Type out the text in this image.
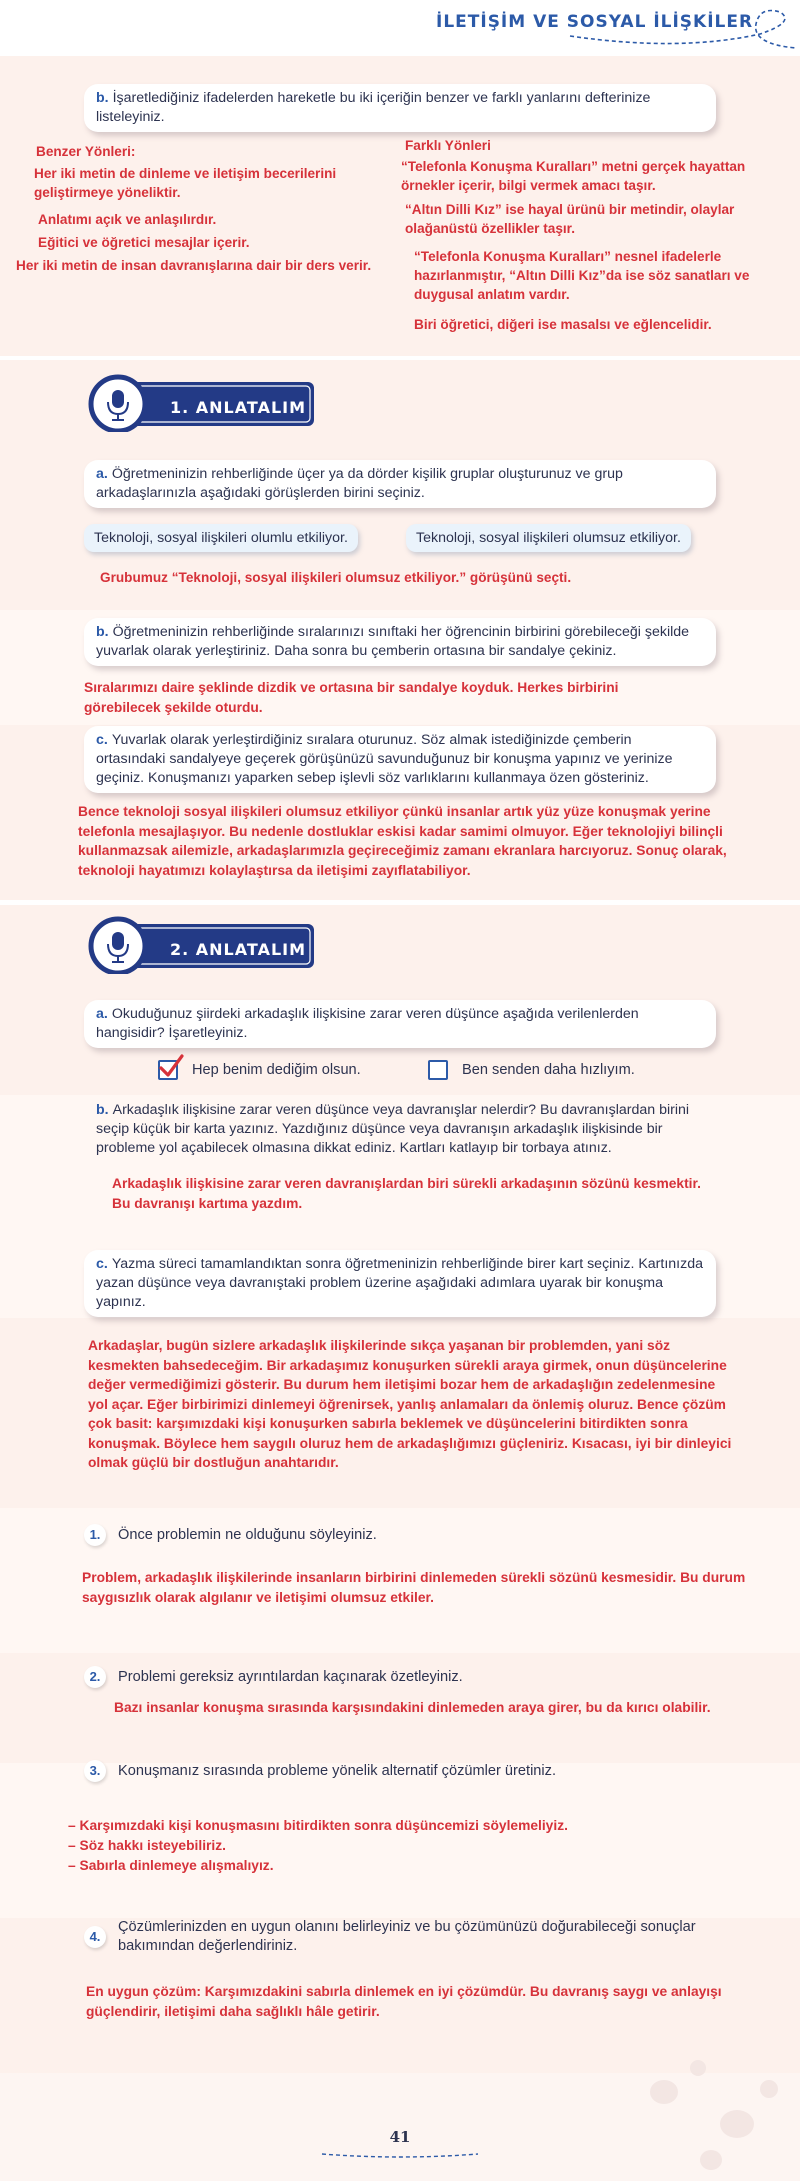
İLETİŞİM VE SOSYAL İLİŞKİLER
b. İşaretlediğiniz ifadelerden hareketle bu iki içeriğin benzer ve farklı yanlarını defterinize listeleyiniz.
Benzer Yönleri:
Her iki metin de dinleme ve iletişim becerilerini geliştirmeye yöneliktir.
Anlatımı açık ve anlaşılırdır.
Eğitici ve öğretici mesajlar içerir.
Her iki metin de insan davranışlarına dair bir ders verir.
Farklı Yönleri
“Telefonla Konuşma Kuralları” metni gerçek hayattan örnekler içerir, bilgi vermek amacı taşır.
“Altın Dilli Kız” ise hayal ürünü bir metindir, olaylar olağanüstü özellikler taşır.
“Telefonla Konuşma Kuralları” nesnel ifadelerle hazırlanmıştır, “Altın Dilli Kız”da ise söz sanatları ve duygusal anlatım vardır.
Biri öğretici, diğeri ise masalsı ve eğlencelidir.
1. ANLATALIM
a. Öğretmeninizin rehberliğinde üçer ya da dörder kişilik gruplar oluşturunuz ve grup arkadaşlarınızla aşağıdaki görüşlerden birini seçiniz.
Teknoloji, sosyal ilişkileri olumlu etkiliyor.	Teknoloji, sosyal ilişkileri olumsuz etkiliyor.
Grubumuz “Teknoloji, sosyal ilişkileri olumsuz etkiliyor.” görüşünü seçti.
b. Öğretmeninizin rehberliğinde sıralarınızı sınıftaki her öğrencinin birbirini görebileceği şekilde yuvarlak olarak yerleştiriniz. Daha sonra bu çemberin ortasına bir sandalye çekiniz.
Sıralarımızı daire şeklinde dizdik ve ortasına bir sandalye koyduk. Herkes birbirini görebilecek şekilde oturdu.
c. Yuvarlak olarak yerleştirdiğiniz sıralara oturunuz. Söz almak istediğinizde çemberin ortasındaki sandalyeye geçerek görüşünüzü savunduğunuz bir konuşma yapınız ve yerinize geçiniz. Konuşmanızı yaparken sebep işlevli söz varlıklarını kullanmaya özen gösteriniz.
Bence teknoloji sosyal ilişkileri olumsuz etkiliyor çünkü insanlar artık yüz yüze konuşmak yerine telefonla mesajlaşıyor. Bu nedenle dostluklar eskisi kadar samimi olmuyor. Eğer teknolojiyi bilinçli kullanmazsak ailemizle, arkadaşlarımızla geçireceğimiz zamanı ekranlara harcıyoruz. Sonuç olarak, teknoloji hayatımızı kolaylaştırsa da iletişimi zayıflatabiliyor.
2. ANLATALIM
a. Okuduğunuz şiirdeki arkadaşlık ilişkisine zarar veren düşünce aşağıda verilenlerden hangisidir? İşaretleyiniz.
Hep benim dediğim olsun.	Ben senden daha hızlıyım.
b. Arkadaşlık ilişkisine zarar veren düşünce veya davranışlar nelerdir? Bu davranışlardan birini seçip küçük bir karta yazınız. Yazdığınız düşünce veya davranışın arkadaşlık ilişkisinde bir probleme yol açabilecek olmasına dikkat ediniz. Kartları katlayıp bir torbaya atınız.
Arkadaşlık ilişkisine zarar veren davranışlardan biri sürekli arkadaşının sözünü kesmektir. Bu davranışı kartıma yazdım.
c. Yazma süreci tamamlandıktan sonra öğretmeninizin rehberliğinde birer kart seçiniz. Kartınızda yazan düşünce veya davranıştaki problem üzerine aşağıdaki adımlara uyarak bir konuşma yapınız.
Arkadaşlar, bugün sizlere arkadaşlık ilişkilerinde sıkça yaşanan bir problemden, yani söz kesmekten bahsedeceğim. Bir arkadaşımız konuşurken sürekli araya girmek, onun düşüncelerine değer vermediğimizi gösterir. Bu durum hem iletişimi bozar hem de arkadaşlığın zedelenmesine yol açar. Eğer birbirimizi dinlemeyi öğrenirsek, yanlış anlamaları da önlemiş oluruz. Bence çözüm çok basit: karşımızdaki kişi konuşurken sabırla beklemek ve düşüncelerini bitirdikten sonra konuşmak. Böylece hem saygılı oluruz hem de arkadaşlığımızı güçleniriz. Kısacası, iyi bir dinleyici olmak güçlü bir dostluğun anahtarıdır.
1.	Önce problemin ne olduğunu söyleyiniz.
Problem, arkadaşlık ilişkilerinde insanların birbirini dinlemeden sürekli sözünü kesmesidir. Bu durum saygısızlık olarak algılanır ve iletişimi olumsuz etkiler.
2.	Problemi gereksiz ayrıntılardan kaçınarak özetleyiniz.
Bazı insanlar konuşma sırasında karşısındakini dinlemeden araya girer, bu da kırıcı olabilir.
3.	Konuşmanız sırasında probleme yönelik alternatif çözümler üretiniz.
– Karşımızdaki kişi konuşmasını bitirdikten sonra düşüncemizi söylemeliyiz.
– Söz hakkı isteyebiliriz.
– Sabırla dinlemeye alışmalıyız.
4.
Çözümlerinizden en uygun olanını belirleyiniz ve bu çözümünüzü doğurabileceği sonuçlar bakımından değerlendiriniz.
En uygun çözüm: Karşımızdakini sabırla dinlemek en iyi çözümdür. Bu davranış saygı ve anlayışı güçlendirir, iletişimi daha sağlıklı hâle getirir.
41
